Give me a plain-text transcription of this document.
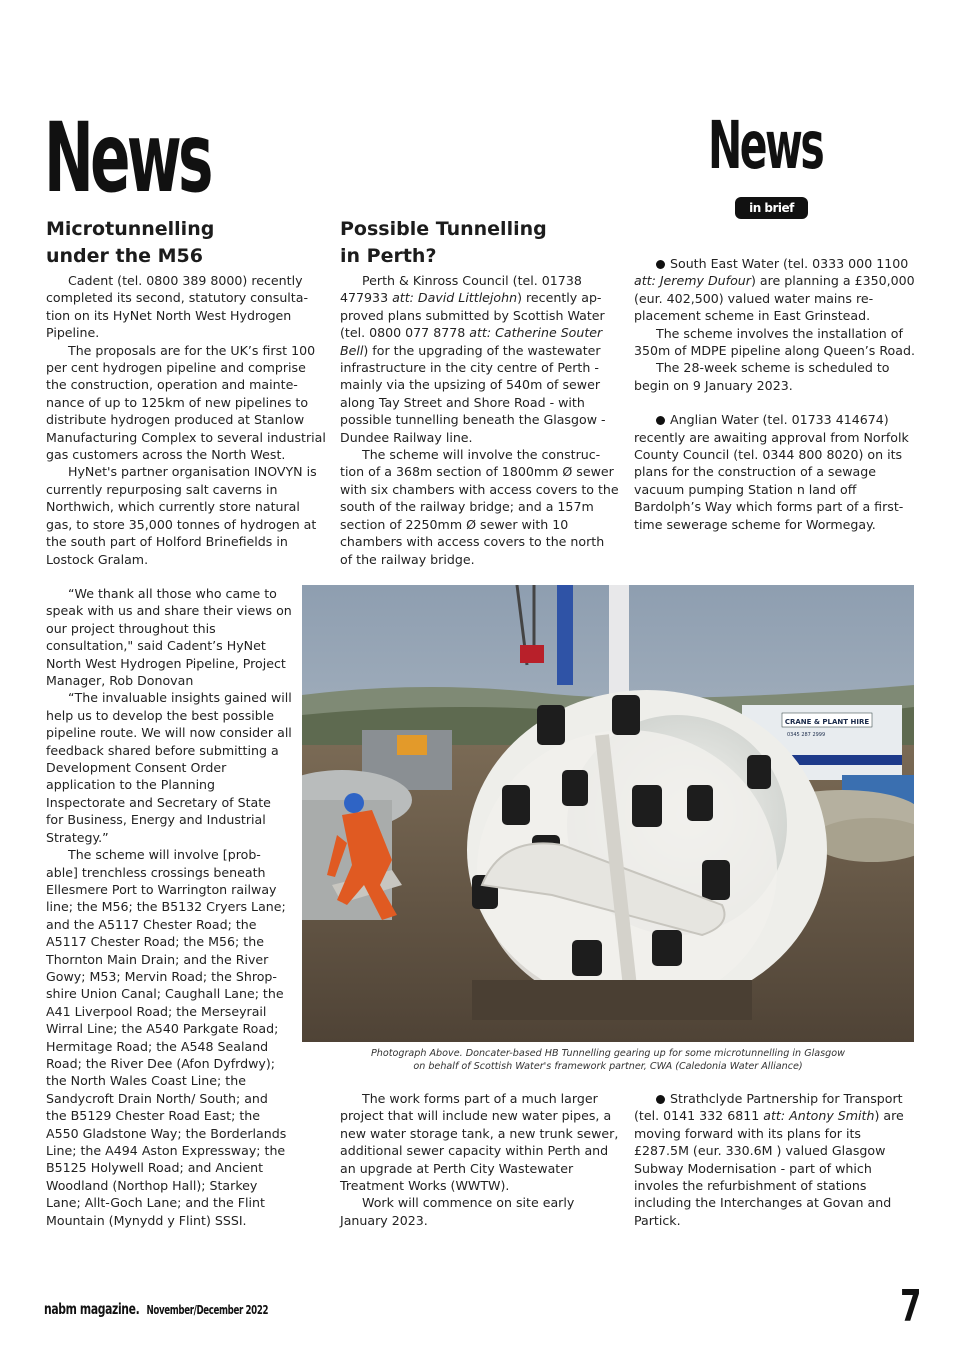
News	News
in brief
Microtunnelling
under the M56

Cadent (tel. 0800 389 8000) recently completed its second, statutory consulta-tion on its HyNet North West Hydrogen Pipeline.

The proposals are for the UK’s first 100 per cent hydrogen pipeline and comprise the construction, operation and mainte-nance of up to 125km of new pipelines to distribute hydrogen produced at Stanlow Manufacturing Complex to several industrial gas customers across the North West.

HyNet's partner organisation INOVYN is currently repurposing salt caverns in Northwich, which currently store natural gas, to store 35,000 tonnes of hydrogen at the south part of Holford Brinefields in Lostock Gralam.

“We thank all those who came to speak with us and share their views on our project throughout this consultation," said Cadent’s HyNet North West Hydrogen Pipeline, Project Manager, Rob Donovan

“The invaluable insights gained will help us to develop the best possible pipeline route. We will now consider all feedback shared before submitting a Development Consent Order application to the Planning Inspectorate and Secretary of State for Business, Energy and Industrial Strategy.”

The scheme will involve [prob-able] trenchless crossings beneath Ellesmere Port to Warrington railway line; the M56; the B5132 Cryers Lane; and the A5117 Chester Road; the A5117 Chester Road; the M56; the Thornton Main Drain; and the River Gowy; M53; Mervin Road; the Shrop-shire Union Canal; Caughall Lane; the A41 Liverpool Road; the Merseyrail Wirral Line; the A540 Parkgate Road; Hermitage Road; the A548 Sealand Road; the River Dee (Afon Dyfrdwy); the North Wales Coast Line; the Sandycroft Drain North/ South; and the B5129 Chester Road East; the A550 Gladstone Way; the Borderlands Line; the A494 Aston Expressway; the B5125 Holywell Road; and Ancient Woodland (Northop Hall); Starkey Lane; Allt-Goch Lane; and the Flint Mountain (Mynydd y Flint) SSSI.

Possible Tunnelling
in Perth?

Perth & Kinross Council (tel. 01738 477933 att: David Littlejohn) recently ap-proved plans submitted by Scottish Water (tel. 0800 077 8778 att: Catherine Souter Bell) for the upgrading of the wastewater infrastructure in the city centre of Perth - mainly via the upsizing of 540m of sewer along Tay Street and Shore Road - with possible tunnelling beneath the Glasgow - Dundee Railway line.

The scheme will involve the construc-tion of a 368m section of 1800mm Ø sewer with six chambers with access covers to the south of the railway bridge; and a 157m section of 2250mm Ø sewer with 10 chambers with access covers to the north of the railway bridge.

The work forms part of a much larger project that will include new water pipes, a new water storage tank, a new trunk sewer, additional sewer capacity within Perth and an upgrade at Perth City Wastewater Treatment Works (WWTW).

Work will commence on site early January 2023.

South East Water (tel. 0333 000 1100 att: Jeremy Dufour) are planning a £350,000 (eur. 402,500) valued water mains re-placement scheme in East Grinstead.

The scheme involves the installation of 350m of MDPE pipeline along Queen’s Road.

The 28-week scheme is scheduled to begin on 9 January 2023.

Anglian Water (tel. 01733 414674) recently are awaiting approval from Norfolk County Council (tel. 0344 800 8020) on its plans for the construction of a sewage vacuum pumping Station n land off Bardolph’s Way which forms part of a first-time sewerage scheme for Wormegay.

Strathclyde Partnership for Transport (tel. 0141 332 6811 att: Antony Smith) are moving forward with its plans for its £287.5M (eur. 330.6M ) valued Glasgow Subway Modernisation - part of which involes the refurbishment of stations including the Interchanges at Govan and Partick.

CRANE & PLANT HIRE
0345 287 2999
Photograph Above. Doncater-based HB Tunnelling gearing up for some microtunnelling in Glasgow
on behalf of Scottish Water's framework partner, CWA (Caledonia Water Alliance)
nabm magazine. November/December 2022	7
